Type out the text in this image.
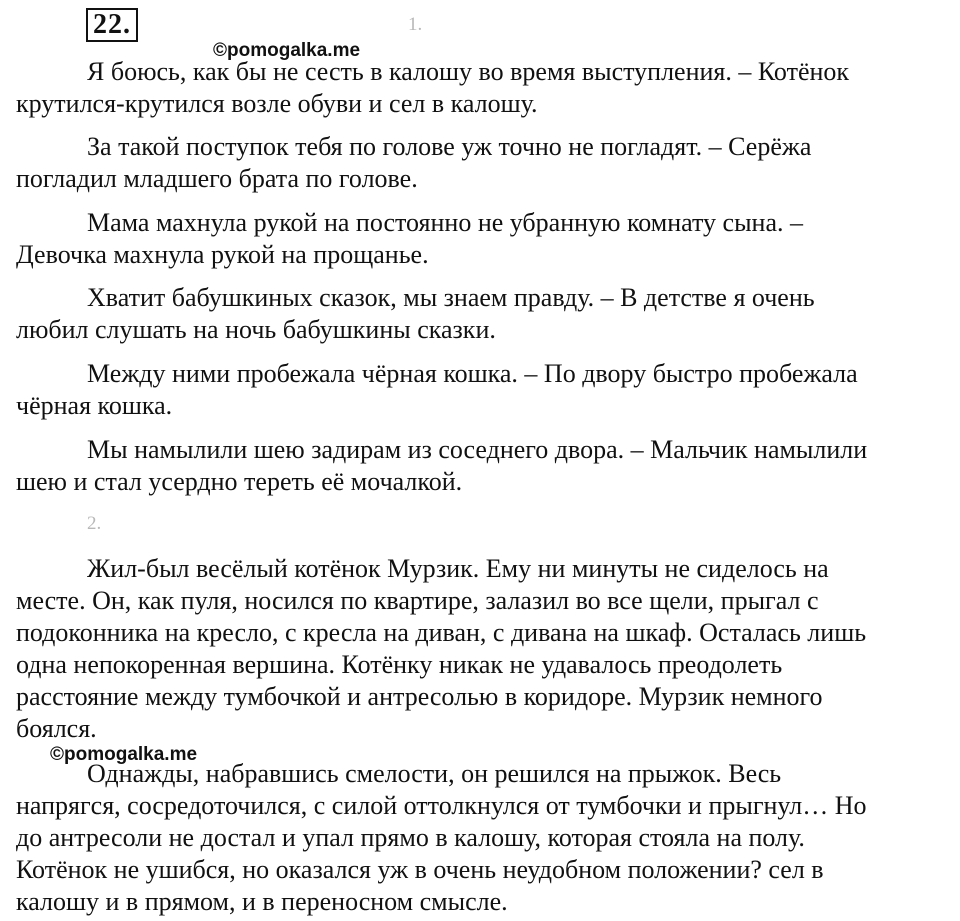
22.	1.
©pomogalka.me
Я боюсь, как бы не сесть в калошу во время выступления. – Котёнок
крутился-крутился возле обуви и сел в калошу.
За такой поступок тебя по голове уж точно не погладят. – Серёжа
погладил младшего брата по голове.
Мама махнула рукой на постоянно не убранную комнату сына. –
Девочка махнула рукой на прощанье.
Хватит бабушкиных сказок, мы знаем правду. – В детстве я очень
любил слушать на ночь бабушкины сказки.
Между ними пробежала чёрная кошка. – По двору быстро пробежала
чёрная кошка.
Мы намылили шею задирам из соседнего двора. – Мальчик намылили
шею и стал усердно тереть её мочалкой.
2.
Жил-был весёлый котёнок Мурзик. Ему ни минуты не сиделось на
месте. Он, как пуля, носился по квартире, залазил во все щели, прыгал с
подоконника на кресло, с кресла на диван, с дивана на шкаф. Осталась лишь
одна непокоренная вершина. Котёнку никак не удавалось преодолеть
расстояние между тумбочкой и антресолью в коридоре. Мурзик немного
боялся.
©pomogalka.me
Однажды, набравшись смелости, он решился на прыжок. Весь
напрягся, сосредоточился, с силой оттолкнулся от тумбочки и прыгнул… Но
до антресоли не достал и упал прямо в калошу, которая стояла на полу.
Котёнок не ушибся, но оказался уж в очень неудобном положении? сел в
калошу и в прямом, и в переносном смысле.
